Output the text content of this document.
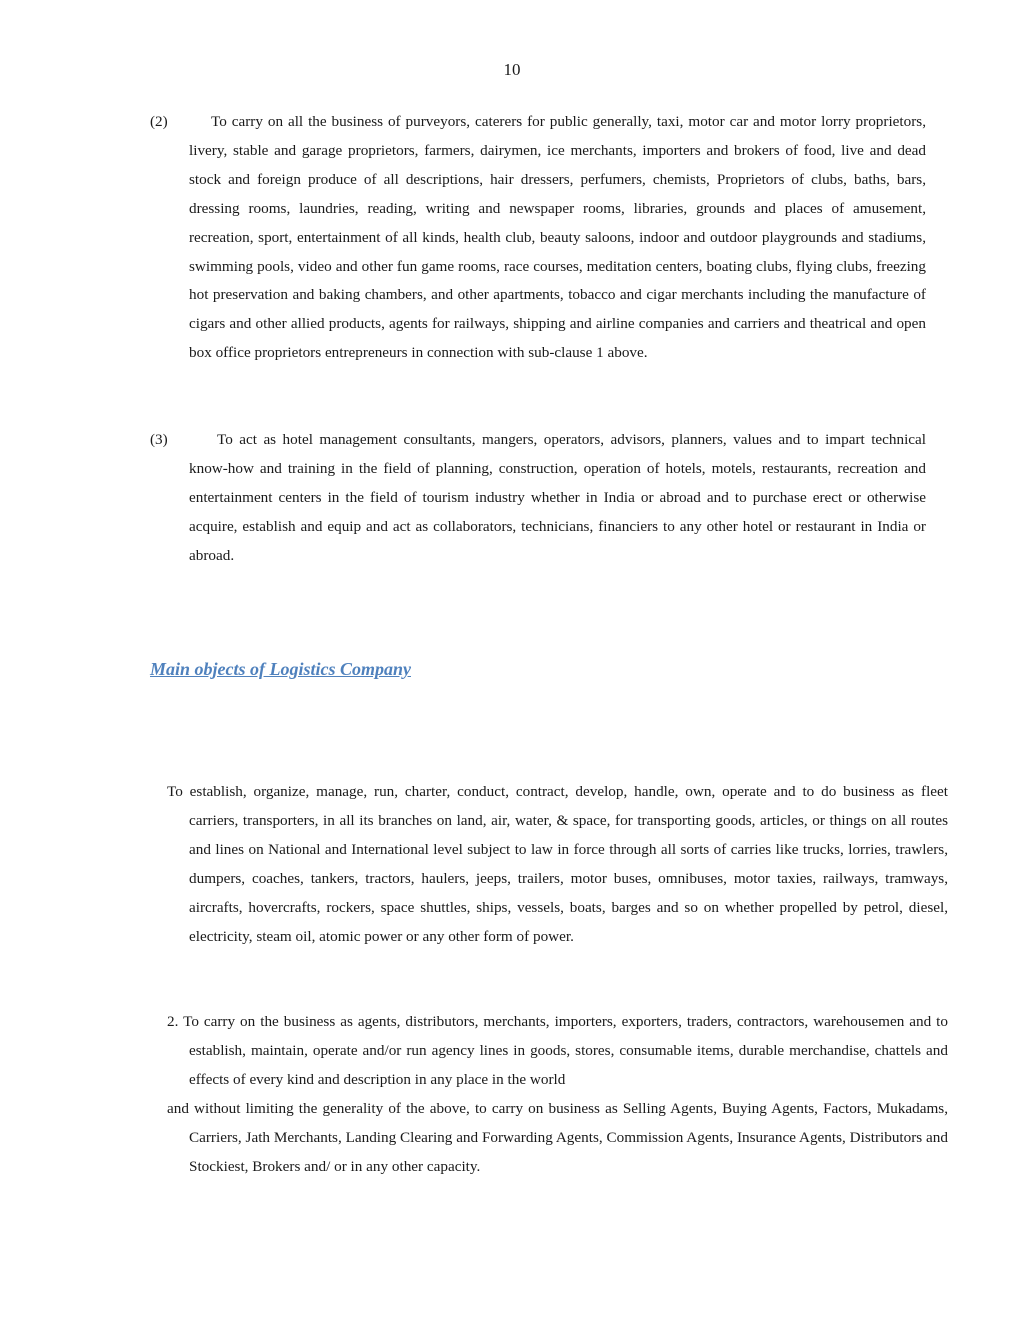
10
(2)	To carry on all the business of purveyors, caterers for public generally, taxi, motor car and motor lorry proprietors, livery, stable and garage proprietors, farmers, dairymen, ice merchants, importers and brokers of food, live and dead stock and foreign produce of all descriptions, hair dressers, perfumers, chemists, Proprietors of clubs, baths, bars, dressing rooms, laundries, reading, writing and newspaper rooms, libraries, grounds and places of amusement, recreation, sport, entertainment of all kinds, health club, beauty saloons, indoor and outdoor playgrounds and stadiums, swimming pools, video and other fun game rooms, race courses, meditation centers, boating clubs, flying clubs, freezing hot preservation and baking chambers, and other apartments, tobacco and cigar merchants including the manufacture of cigars and other allied products, agents for railways, shipping and airline companies and carriers and theatrical and open box office proprietors entrepreneurs in connection with sub-clause 1 above.
(3)	To act as hotel management consultants, mangers, operators, advisors, planners, values and to impart technical know-how and training in the field of planning, construction, operation of hotels, motels, restaurants, recreation and entertainment centers in the field of tourism industry whether in India or abroad and to purchase erect or otherwise acquire, establish and equip and act as collaborators, technicians, financiers to any other hotel or restaurant in India or abroad.
Main objects of Logistics Company
To establish, organize, manage, run, charter, conduct, contract, develop, handle, own, operate and to do business as fleet carriers, transporters, in all its branches on land, air, water, & space, for transporting goods, articles, or things on all routes and lines on National and International level subject to law in force through all sorts of carries like trucks, lorries, trawlers, dumpers, coaches, tankers, tractors, haulers, jeeps, trailers, motor buses, omnibuses, motor taxies, railways, tramways, aircrafts, hovercrafts, rockers, space shuttles, ships, vessels, boats, barges and so on whether propelled by petrol, diesel, electricity, steam oil, atomic power or any other form of power.
2. To carry on the business as agents, distributors, merchants, importers, exporters, traders, contractors, warehousemen and to establish, maintain, operate and/or run agency lines in goods, stores, consumable items, durable merchandise, chattels and effects of every kind and description in any place in the world
and without limiting the generality of the above, to carry on business as Selling Agents, Buying Agents, Factors, Mukadams, Carriers, Jath Merchants, Landing Clearing and Forwarding Agents, Commission Agents, Insurance Agents, Distributors and Stockiest, Brokers and/ or in any other capacity.
